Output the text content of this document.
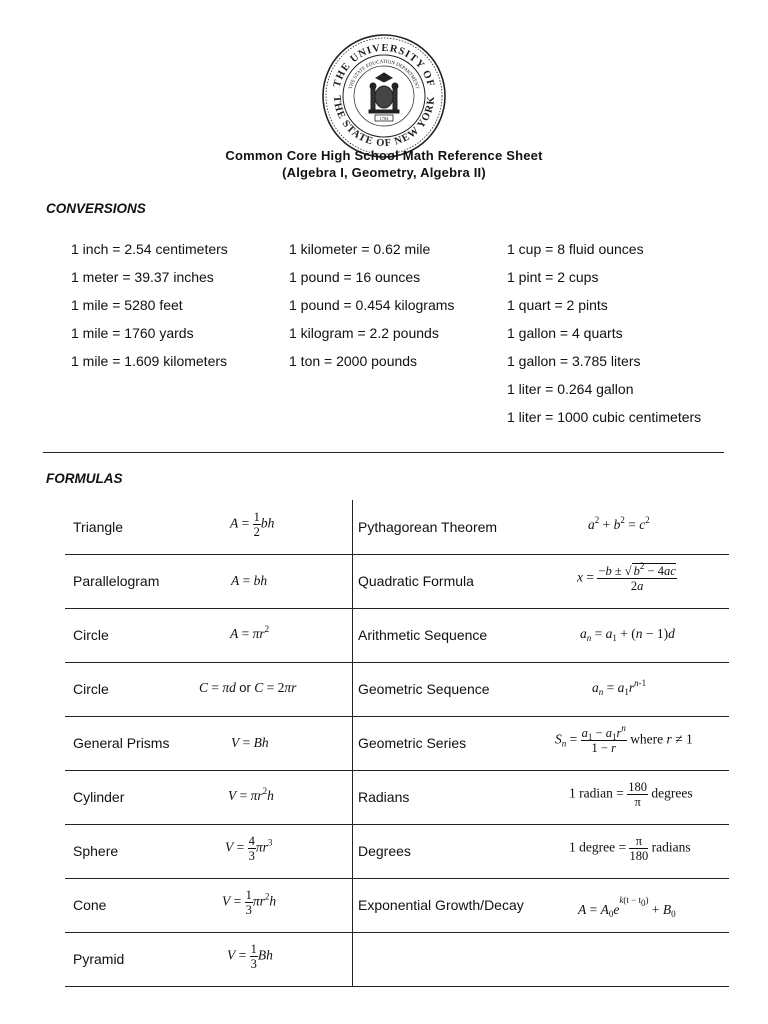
THE UNIVERSITY OF
THE STATE OF NEW YORK
THE STATE EDUCATION DEPARTMENT
1784
Common Core High School Math Reference Sheet
(Algebra I, Geometry, Algebra II)
CONVERSIONS
1 inch = 2.54 centimeters
1 meter = 39.37 inches
1 mile = 5280 feet
1 mile = 1760 yards
1 mile = 1.609 kilometers
1 kilometer = 0.62 mile
1 pound = 16 ounces
1 pound = 0.454 kilograms
1 kilogram = 2.2 pounds
1 ton = 2000 pounds
1 cup = 8 fluid ounces
1 pint = 2 cups
1 quart = 2 pints
1 gallon = 4 quarts
1 gallon = 3.785 liters
1 liter = 0.264 gallon
1 liter = 1000 cubic centimeters
FORMULAS
Triangle
Parallelogram
Circle
Circle
General Prisms
Cylinder
Sphere
Cone
Pyramid
$A = \frac{1}{2}$ bh
A = bh
$A = \pi r^2$
C = πd or C = 2πr
V = Bh
$V = \pi r^2h$
$V = \frac{4}{3} \pi r^3$
$V = \frac{1}{3} \pi r^2h$
$V = \frac{1}{3}$ Bh
Pythagorean Theorem
Quadratic Formula
Arithmetic Sequence
Geometric Sequence
Geometric Series
Radians
Degrees
Exponential Growth/Decay
$a^2 + b^2 = c^2$
$x = \frac{-b \pm √ b^2 - 4ac}{2a}$
$a_n = a_1 + (n - 1)d$
$a_n = a_1r^{n-1}$
$S_n = \frac{a_1 - a_1r^n}{1 - r}$ where r ≠ 1
1 radian = $\frac{180}{\pi}$ degrees
1 degree = $\frac{\pi}{180}$ radians
$A = A_0e^{k(t - t_0)} + B_0$
